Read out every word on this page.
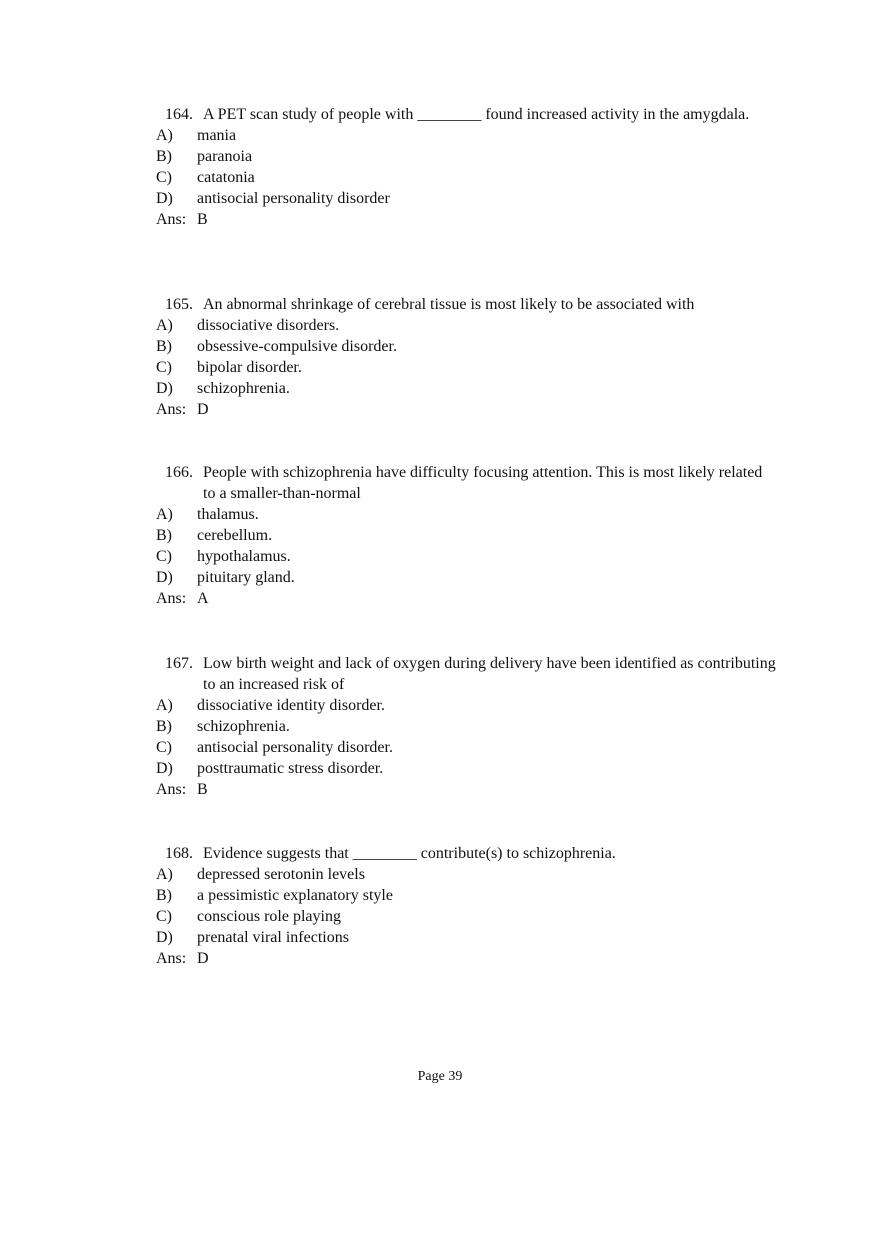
164. A PET scan study of people with ________ found increased activity in the amygdala.
A) mania
B) paranoia
C) catatonia
D) antisocial personality disorder
Ans: B
165. An abnormal shrinkage of cerebral tissue is most likely to be associated with
A) dissociative disorders.
B) obsessive-compulsive disorder.
C) bipolar disorder.
D) schizophrenia.
Ans: D
166. People with schizophrenia have difficulty focusing attention. This is most likely related to a smaller-than-normal
A) thalamus.
B) cerebellum.
C) hypothalamus.
D) pituitary gland.
Ans: A
167. Low birth weight and lack of oxygen during delivery have been identified as contributing to an increased risk of
A) dissociative identity disorder.
B) schizophrenia.
C) antisocial personality disorder.
D) posttraumatic stress disorder.
Ans: B
168. Evidence suggests that ________ contribute(s) to schizophrenia.
A) depressed serotonin levels
B) a pessimistic explanatory style
C) conscious role playing
D) prenatal viral infections
Ans: D
Page 39
